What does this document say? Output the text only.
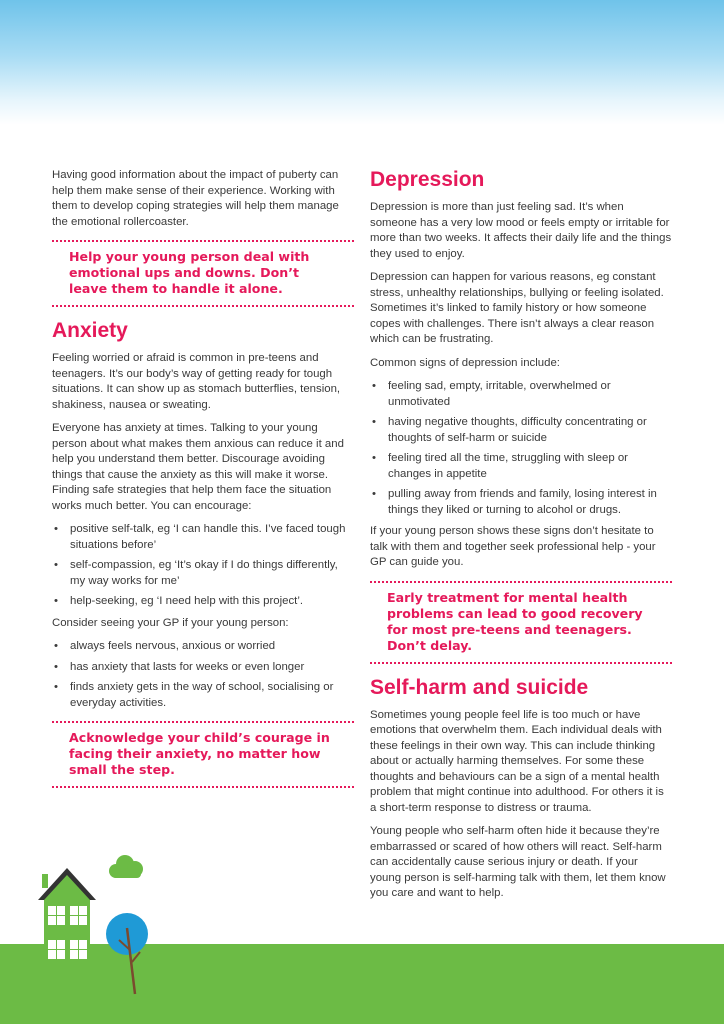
Having good information about the impact of puberty can help them make sense of their experience. Working with them to develop coping strategies will help them manage the emotional rollercoaster.

Help your young person deal with emotional ups and downs. Don’t leave them to handle it alone.
Anxiety

Feeling worried or afraid is common in pre-teens and teenagers. It’s our body’s way of getting ready for tough situations. It can show up as stomach butterflies, tension, shakiness, nausea or sweating.

Everyone has anxiety at times. Talking to your young person about what makes them anxious can reduce it and help you understand them better. Discourage avoiding things that cause the anxiety as this will make it worse. Finding safe strategies that help them face the situation works much better. You can encourage:

• positive self-talk, eg ‘I can handle this. I’ve faced tough situations before’
• self-compassion, eg ‘It’s okay if I do things differently, my way works for me’
• help-seeking, eg ‘I need help with this project’.

Consider seeing your GP if your young person:

• always feels nervous, anxious or worried
• has anxiety that lasts for weeks or even longer
• finds anxiety gets in the way of school, socialising or everyday activities.
Acknowledge your child’s courage in facing their anxiety, no matter how small the step.
Depression

Depression is more than just feeling sad. It’s when someone has a very low mood or feels empty or irritable for more than two weeks. It affects their daily life and the things they used to enjoy.

Depression can happen for various reasons, eg constant stress, unhealthy relationships, bullying or feeling isolated. Sometimes it’s linked to family history or how someone copes with challenges. There isn’t always a clear reason which can be frustrating.

Common signs of depression include:

• feeling sad, empty, irritable, overwhelmed or unmotivated
• having negative thoughts, difficulty concentrating or thoughts of self-harm or suicide
• feeling tired all the time, struggling with sleep or changes in appetite
• pulling away from friends and family, losing interest in things they liked or turning to alcohol or drugs.

If your young person shows these signs don’t hesitate to talk with them and together seek professional help - your GP can guide you.

Early treatment for mental health problems can lead to good recovery for most pre-teens and teenagers. Don’t delay.
Self-harm and suicide

Sometimes young people feel life is too much or have emotions that overwhelm them. Each individual deals with these feelings in their own way. This can include thinking about or actually harming themselves. For some these thoughts and behaviours can be a sign of a mental health problem that might continue into adulthood. For others it is a short-term response to distress or trauma.

Young people who self-harm often hide it because they’re embarrassed or scared of how others will react. Self-harm can accidentally cause serious injury or death. If your young person is self-harming talk with them, let them know you care and want to help.
